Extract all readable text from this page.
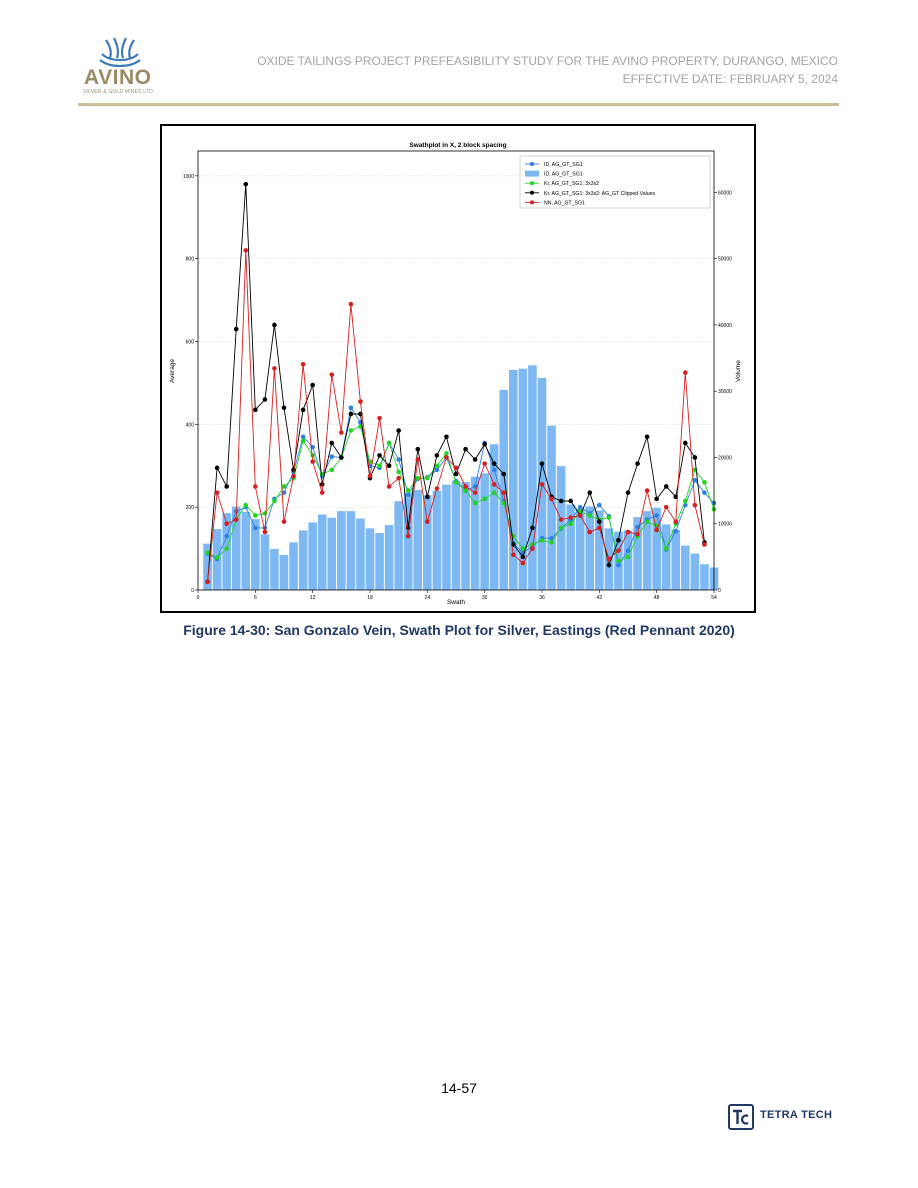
AVINO
SILVER & GOLD MINES LTD.
OXIDE TAILINGS PROJECT PREFEASIBILITY STUDY FOR THE AVINO PROPERTY, DURANGO, MEXICO
EFFECTIVE DATE: FEBRUARY 5, 2024
Swathplot in X, 2 block spacing
0
200
400
600
800
1000
0
10000
20000
30000
40000
50000
60000
0	6	12	18	24	30	36	42	48	54
Swath
Average	Volume
ID, AG_GT_SG1
ID, AG_GT_SG1
Kr, AG_GT_SG1: 3x3x2
Kr, AG_GT_SG1: 3x3x2: AG_GT Clipped Values
NN, AG_GT_SG1
Figure 14-30: San Gonzalo Vein, Swath Plot for Silver, Eastings (Red Pennant 2020)
14-57
TETRA TECH
